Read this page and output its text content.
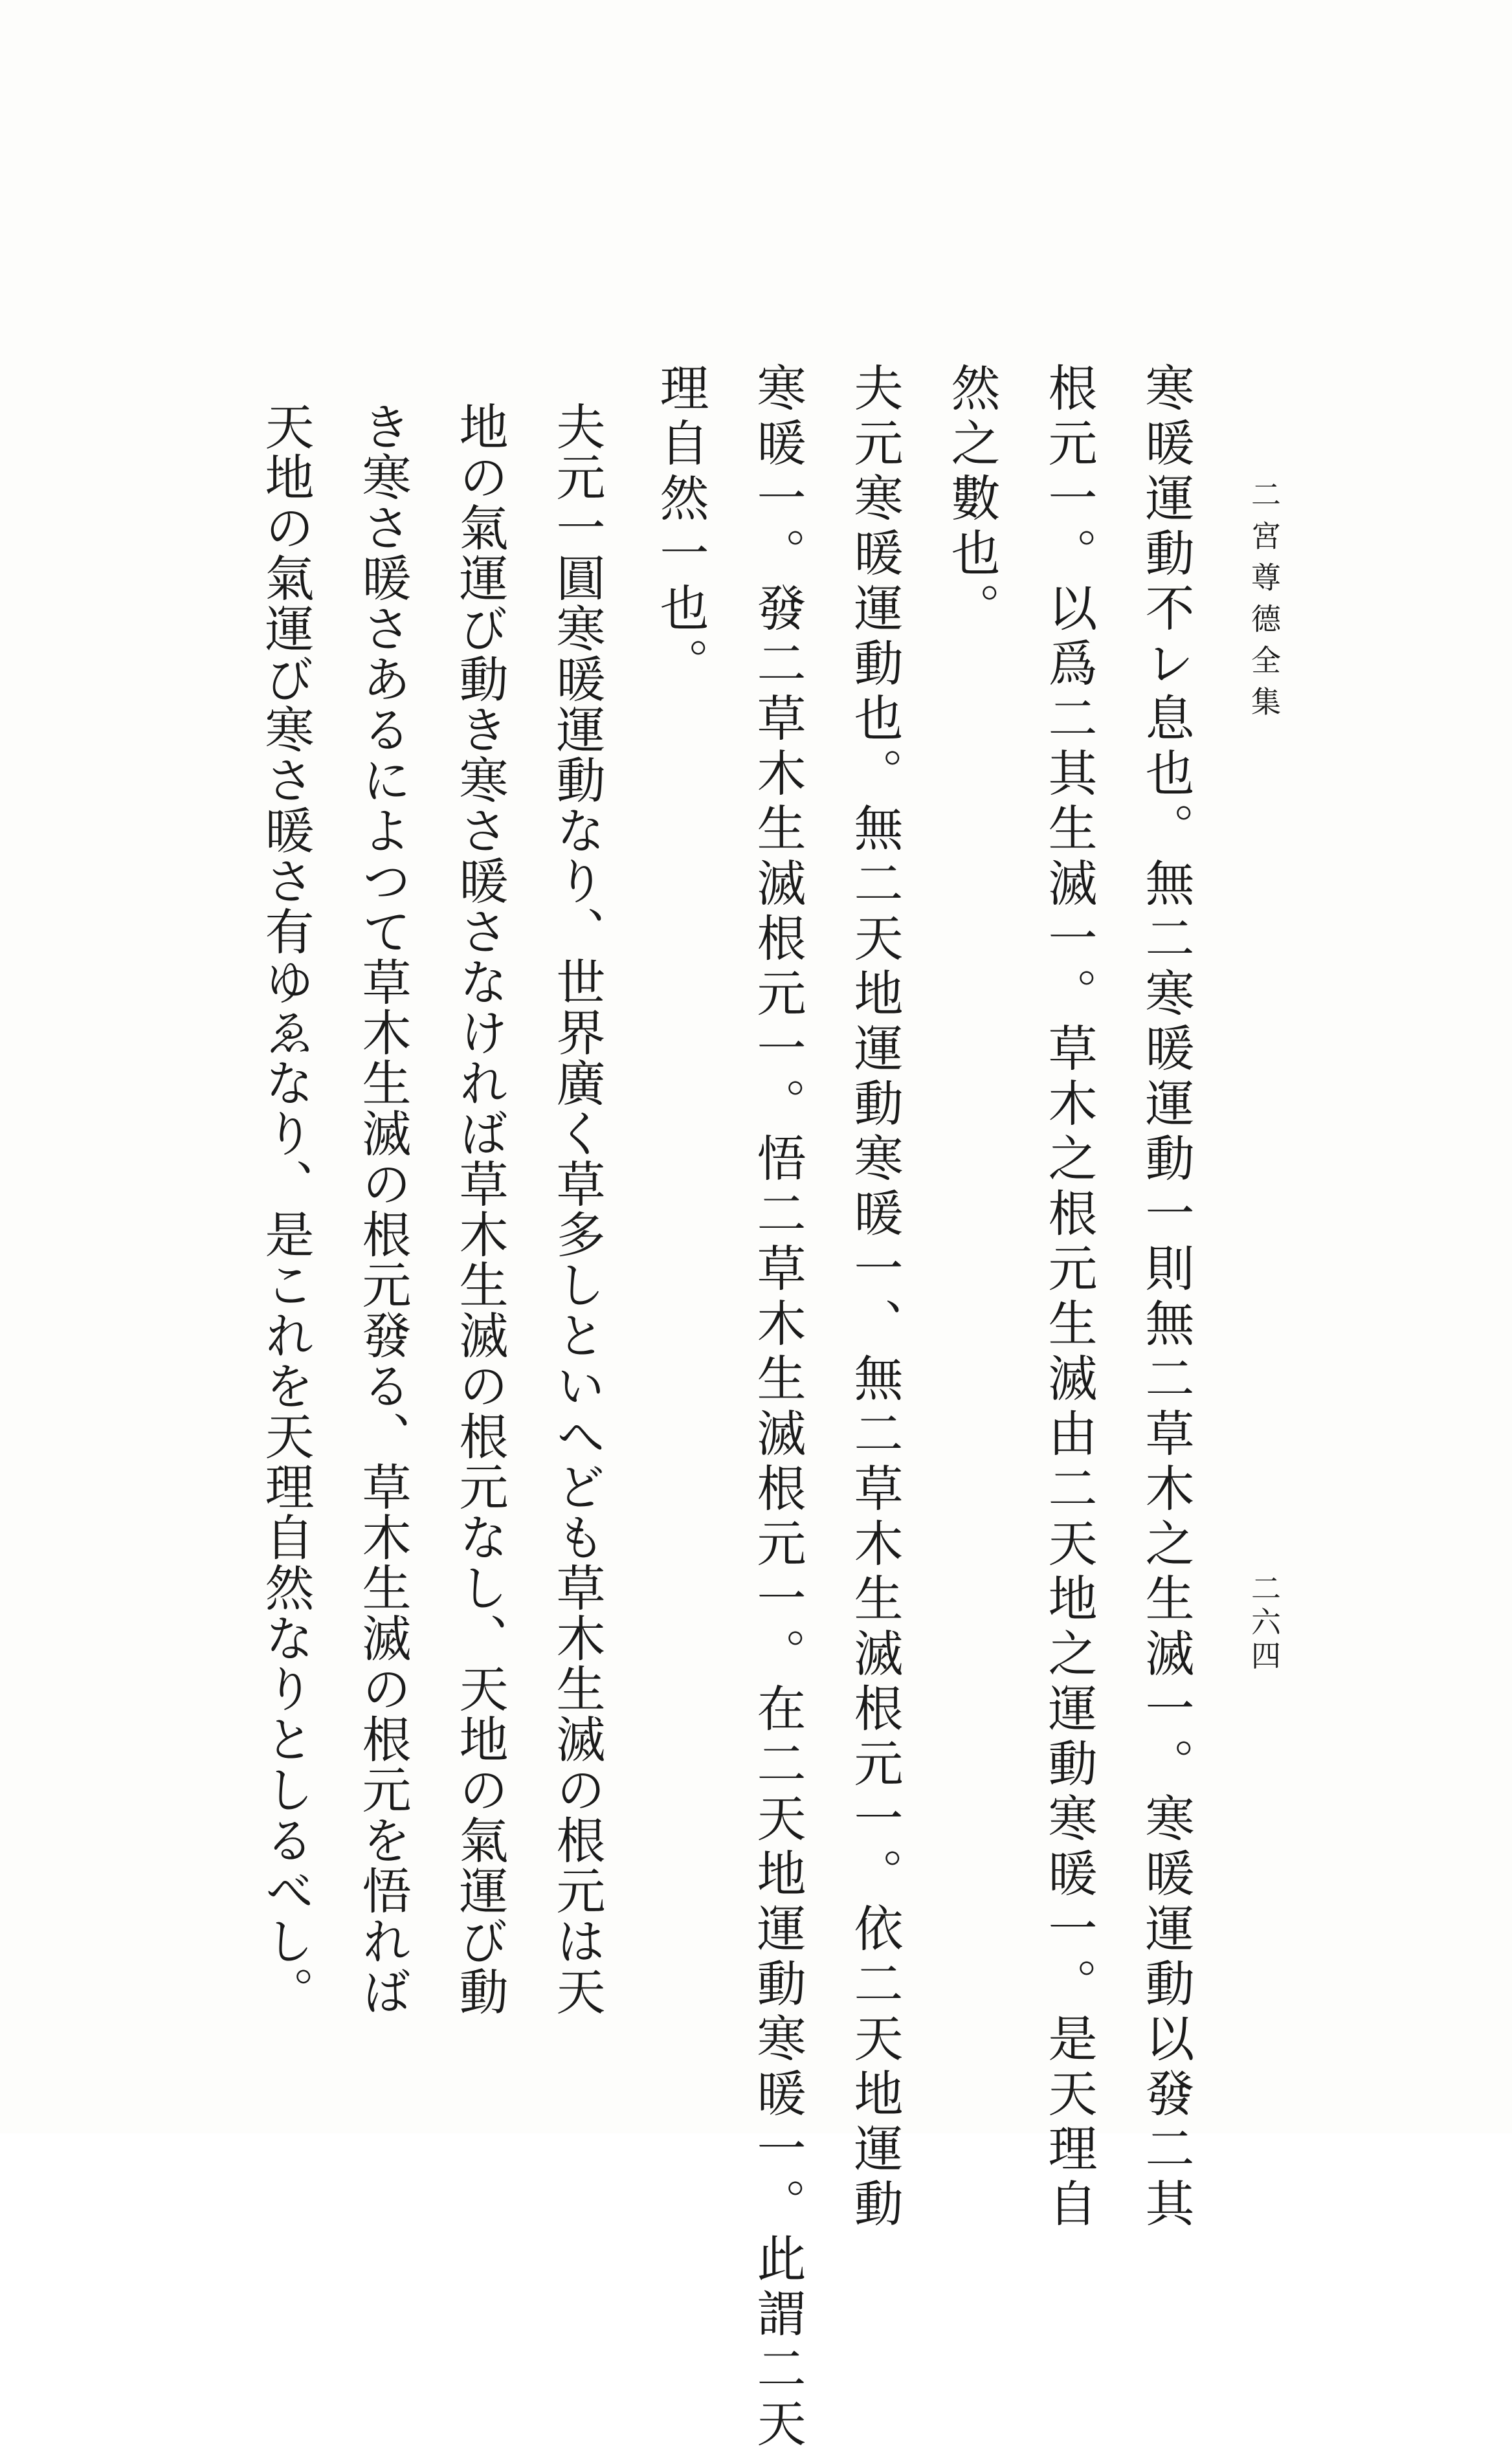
二宮尊德全集
二六四
寒暖運動不レ息也。無二寒暖運動一則無二草木之生滅一。寒暖運動以發二其
根元一。以爲二其生滅一。草木之根元生滅由二天地之運動寒暖一。是天理自
然之數也。
夫元寒暖運動也。無二天地運動寒暖一、無二草木生滅根元一。依二天地運動
寒暖一。發二草木生滅根元一。悟二草木生滅根元一。在二天地運動寒暖一。此謂二天
理自然一也。
夫元一圓寒暖運動なり、世界廣く草多しといへども草木生滅の根元は天
地の氣運び動き寒さ暖さなければ草木生滅の根元なし、天地の氣運び動
き寒さ暖さあるによつて草木生滅の根元發る、草木生滅の根元を悟れば
天地の氣運び寒さ暖さ有ゆゑなり、是これを天理自然なりとしるべし。
